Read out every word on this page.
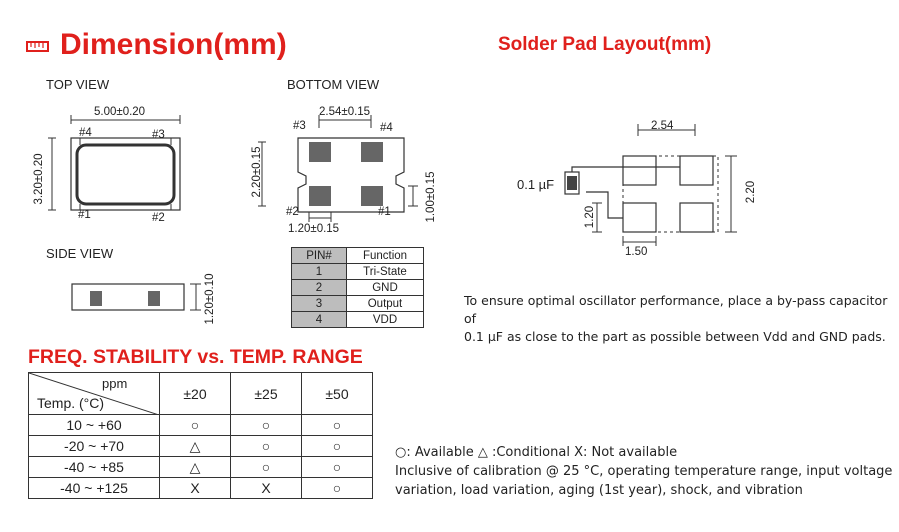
Dimension(mm)	Solder Pad Layout(mm)
TOP VIEW
5.00±0.20
3.20±0.20
#4	#3
#1	#2
BOTTOM VIEW
2.54±0.15
#3	#4
2.20±0.15	1.00±0.15
#2	#1
1.20±0.15
PIN#	Function
1	Tri-State
2	GND
3	Output
4	VDD
SIDE VIEW
1.20±0.10
2.54
0.1 µF	2.20
1.20
1.50
To ensure optimal oscillator performance, place a by-pass capacitor of
0.1 µF as close to the part as possible between Vdd and GND pads.
FREQ. STABILITY vs. TEMP. RANGE
ppm
Temp. (°C)	±20	±25	±50
10 ~ +60	○	○	○
-20 ~ +70	△	○	○
-40 ~ +85	△	○	○
-40 ~ +125	X	X	○
○: Available △ :Conditional X: Not available
Inclusive of calibration @ 25 °C, operating temperature range, input voltage
variation, load variation, aging (1st year), shock, and vibration
